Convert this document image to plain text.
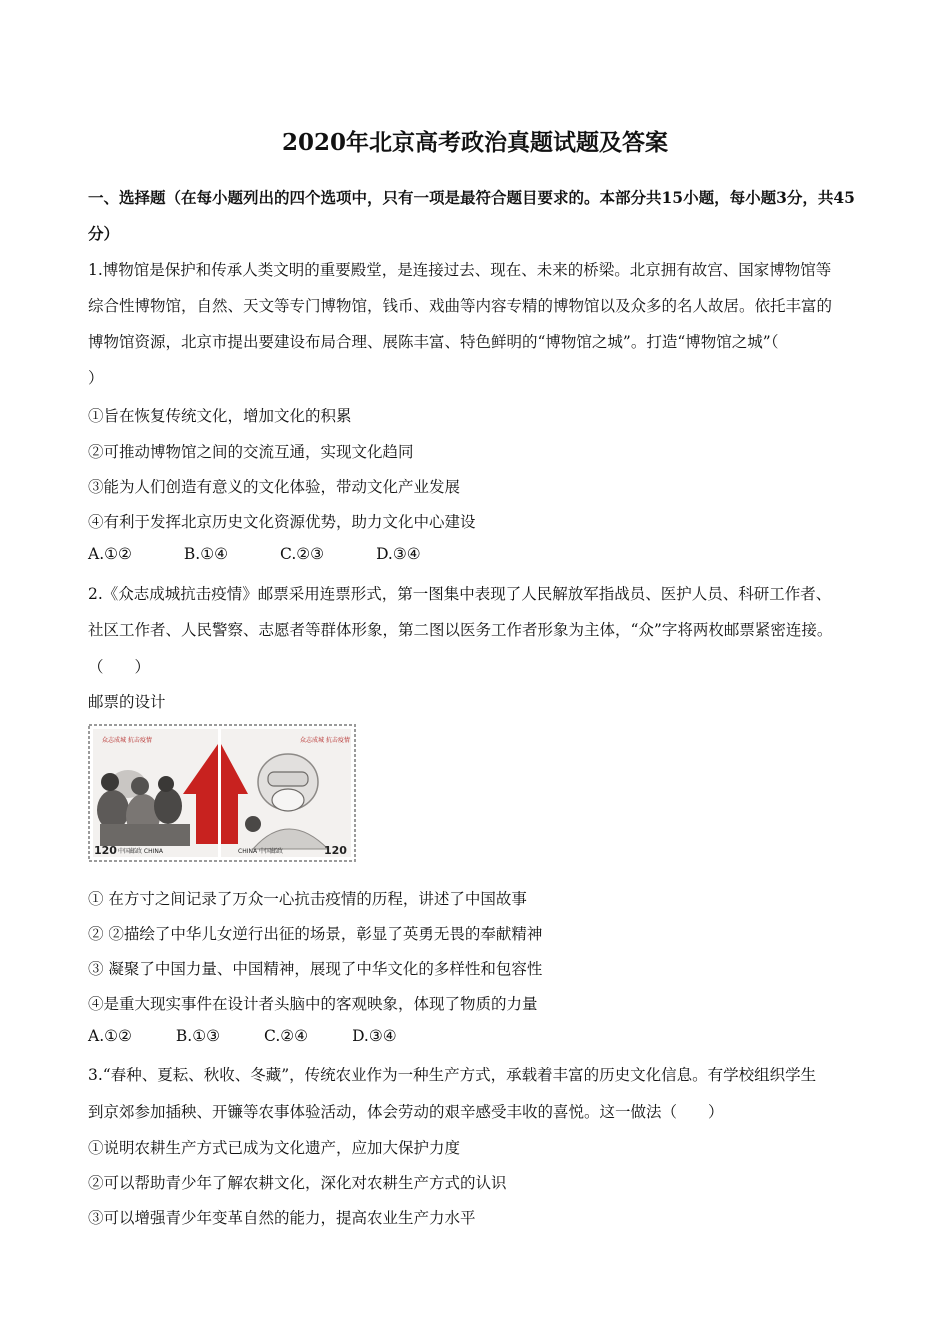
2020年北京高考政治真题试题及答案
一、选择题（在每小题列出的四个选项中，只有一项是最符合题目要求的。本部分共15小题，每小题3分，共45
分）
1.博物馆是保护和传承人类文明的重要殿堂，是连接过去、现在、未来的桥梁。北京拥有故宫、国家博物馆等
综合性博物馆，自然、天文等专门博物馆，钱币、戏曲等内容专精的博物馆以及众多的名人故居。依托丰富的
博物馆资源，北京市提出要建设布局合理、展陈丰富、特色鲜明的“博物馆之城”。打造“博物馆之城”（
）
①旨在恢复传统文化，增加文化的积累
②可推动博物馆之间的交流互通，实现文化趋同
③能为人们创造有意义的文化体验，带动文化产业发展
④有利于发挥北京历史文化资源优势，助力文化中心建设
A.①②	B.①④	C.②③	D.③④
2.《众志成城抗击疫情》邮票采用连票形式，第一图集中表现了人民解放军指战员、医护人员、科研工作者、
社区工作者、人民警察、志愿者等群体形象，第二图以医务工作者形象为主体，“众”字将两枚邮票紧密连接。
（　　）
邮票的设计
众志成城 抗击疫情
120 中国邮政 CHINA
众志成城 抗击疫情
CHINA 中国邮政	120
① 在方寸之间记录了万众一心抗击疫情的历程，讲述了中国故事
② ②描绘了中华儿女逆行出征的场景，彰显了英勇无畏的奉献精神
③ 凝聚了中国力量、中国精神，展现了中华文化的多样性和包容性
④是重大现实事件在设计者头脑中的客观映象，体现了物质的力量
A.①②	B.①③	C.②④	D.③④
3.“春种、夏耘、秋收、冬藏”，传统农业作为一种生产方式，承载着丰富的历史文化信息。有学校组织学生
到京郊参加插秧、开镰等农事体验活动，体会劳动的艰辛感受丰收的喜悦。这一做法（　　）
①说明农耕生产方式已成为文化遗产，应加大保护力度
②可以帮助青少年了解农耕文化，深化对农耕生产方式的认识
③可以增强青少年变革自然的能力，提高农业生产力水平
